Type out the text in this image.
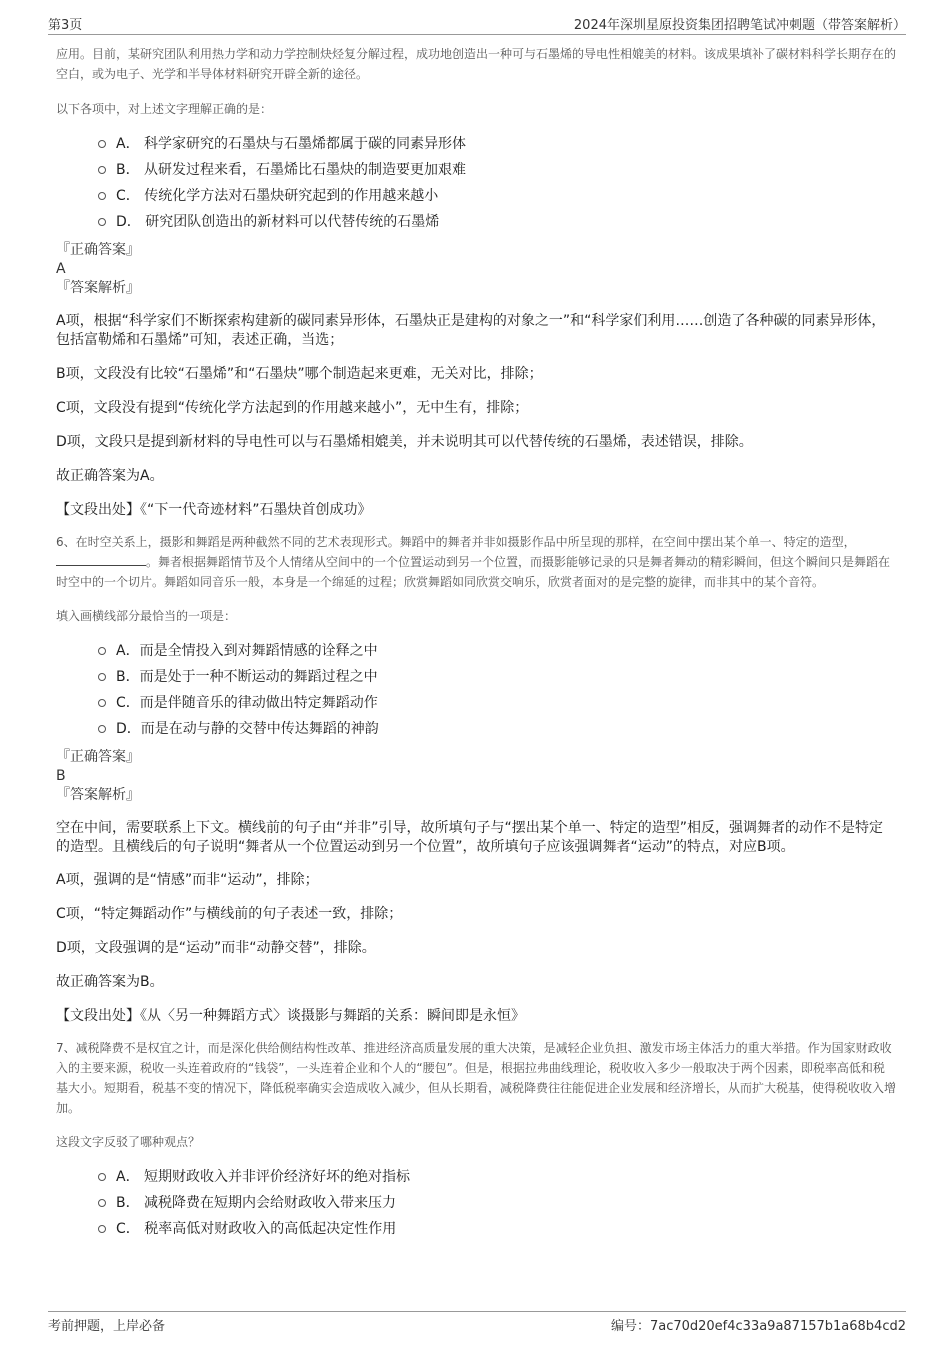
第3页	2024年深圳星原投资集团招聘笔试冲刺题（带答案解析）

应用。目前，某研究团队利用热力学和动力学控制炔烃复分解过程，成功地创造出一种可与石墨烯的导电性相媲美的材料。该成果填补了碳材料科学长期存在的空白，或为电子、光学和半导体材料研究开辟全新的途径。

以下各项中，对上述文字理解正确的是：

A． 科学家研究的石墨炔与石墨烯都属于碳的同素异形体
B． 从研发过程来看，石墨烯比石墨炔的制造要更加艰难
C． 传统化学方法对石墨炔研究起到的作用越来越小
D． 研究团队创造出的新材料可以代替传统的石墨烯

『正确答案』

A

『答案解析』

A项，根据“科学家们不断探索构建新的碳同素异形体，石墨炔正是建构的对象之一”和“科学家们利用……创造了各种碳的同素异形体，包括富勒烯和石墨烯”可知，表述正确，当选；

B项，文段没有比较“石墨烯”和“石墨炔”哪个制造起来更难，无关对比，排除；

C项，文段没有提到“传统化学方法起到的作用越来越小”，无中生有，排除；

D项，文段只是提到新材料的导电性可以与石墨烯相媲美，并未说明其可以代替传统的石墨烯，表述错误，排除。

故正确答案为A。

【文段出处】《“下一代奇迹材料”石墨炔首创成功》

6、在时空关系上，摄影和舞蹈是两种截然不同的艺术表现形式。舞蹈中的舞者并非如摄影作品中所呈现的那样，在空间中摆出某个单一、特定的造型，。舞者根据舞蹈情节及个人情绪从空间中的一个位置运动到另一个位置，而摄影能够记录的只是舞者舞动的精彩瞬间，但这个瞬间只是舞蹈在时空中的一个切片。舞蹈如同音乐一般，本身是一个绵延的过程；欣赏舞蹈如同欣赏交响乐，欣赏者面对的是完整的旋律，而非其中的某个音符。

填入画横线部分最恰当的一项是：

A．而是全情投入到对舞蹈情感的诠释之中
B．而是处于一种不断运动的舞蹈过程之中
C．而是伴随音乐的律动做出特定舞蹈动作
D．而是在动与静的交替中传达舞蹈的神韵

『正确答案』

B

『答案解析』

空在中间，需要联系上下文。横线前的句子由“并非”引导，故所填句子与“摆出某个单一、特定的造型”相反，强调舞者的动作不是特定的造型。且横线后的句子说明“舞者从一个位置运动到另一个位置”，故所填句子应该强调舞者“运动”的特点，对应B项。

A项，强调的是“情感”而非“运动”，排除；

C项，“特定舞蹈动作”与横线前的句子表述一致，排除；

D项，文段强调的是“运动”而非“动静交替”，排除。

故正确答案为B。

【文段出处】《从〈另一种舞蹈方式〉谈摄影与舞蹈的关系：瞬间即是永恒》

7、减税降费不是权宜之计，而是深化供给侧结构性改革、推进经济高质量发展的重大决策，是减轻企业负担、激发市场主体活力的重大举措。作为国家财政收入的主要来源，税收一头连着政府的“钱袋”，一头连着企业和个人的“腰包”。但是，根据拉弗曲线理论，税收收入多少一般取决于两个因素，即税率高低和税基大小。短期看，税基不变的情况下，降低税率确实会造成收入减少，但从长期看，减税降费往往能促进企业发展和经济增长，从而扩大税基，使得税收收入增加。

这段文字反驳了哪种观点？

A． 短期财政收入并非评价经济好坏的绝对指标
B． 减税降费在短期内会给财政收入带来压力
C． 税率高低对财政收入的高低起决定性作用
考前押题，上岸必备	编号：7ac70d20ef4c33a9a87157b1a68b4cd2
